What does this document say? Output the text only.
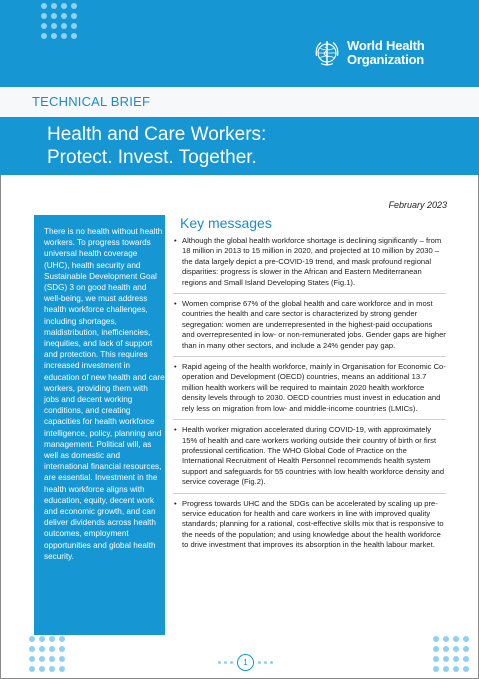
World Health
Organization
TECHNICAL BRIEF
Health and Care Workers:
Protect. Invest. Together.
February 2023

There is no health without health workers. To progress towards universal health coverage (UHC), health security and Sustainable Development Goal (SDG) 3 on good health and well-being, we must address health workforce challenges, including shortages, maldistribution, inefficiencies, inequities, and lack of support and protection. This requires increased investment in education of new health and care workers, providing them with jobs and decent working conditions, and creating capacities for health workforce intelligence, policy, planning and management. Political will, as well as domestic and international financial resources, are essential. Investment in the health workforce aligns with education, equity, decent work and economic growth, and can deliver dividends across health outcomes, employment opportunities and global health security.

Key messages
• Although the global health workforce shortage is declining significantly – from 18 million in 2013 to 15 million in 2020, and projected at 10 million by 2030 – the data largely depict a pre-COVID-19 trend, and mask profound regional disparities: progress is slower in the African and Eastern Mediterranean regions and Small Island Developing States (Fig.1).
• Women comprise 67% of the global health and care workforce and in most countries the health and care sector is characterized by strong gender segregation: women are underrepresented in the highest-paid occupations and overrepresented in low- or non-remunerated jobs. Gender gaps are higher than in many other sectors, and include a 24% gender pay gap.
• Rapid ageing of the health workforce, mainly in Organisation for Economic Co-operation and Development (OECD) countries, means an additional 13.7 million health workers will be required to maintain 2020 health workforce density levels through to 2030. OECD countries must invest in education and rely less on migration from low- and middle-income countries (LMICs).
• Health worker migration accelerated during COVID-19, with approximately 15% of health and care workers working outside their country of birth or first professional certification. The WHO Global Code of Practice on the International Recruitment of Health Personnel recommends health system support and safeguards for 55 countries with low health workforce density and service coverage (Fig.2).
• Progress towards UHC and the SDGs can be accelerated by scaling up pre-service education for health and care workers in line with improved quality standards; planning for a rational, cost-effective skills mix that is responsive to the needs of the population; and using knowledge about the health workforce to drive investment that improves its absorption in the health labour market.
1
